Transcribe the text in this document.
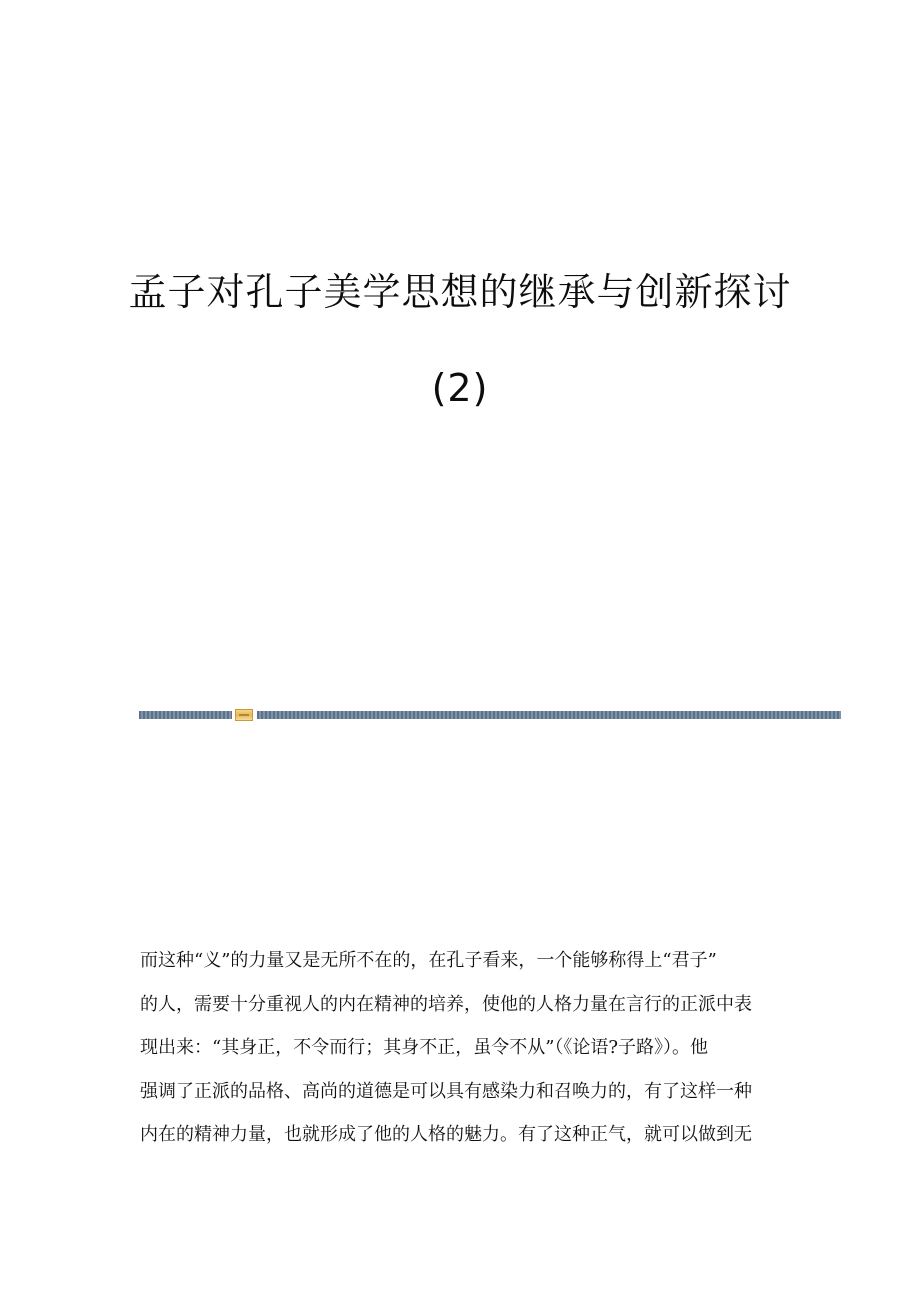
孟子对孔子美学思想的继承与创新探讨
(2)

而这种“义”的力量又是无所不在的，在孔子看来，一个能够称得上“君子”
的人，需要十分重视人的内在精神的培养，使他的人格力量在言行的正派中表
现出来：“其身正，不令而行；其身不正，虽令不从”（《论语?子路》）。他
强调了正派的品格、高尚的道德是可以具有感染力和召唤力的，有了这样一种
内在的精神力量，也就形成了他的人格的魅力。有了这种正气，就可以做到无
